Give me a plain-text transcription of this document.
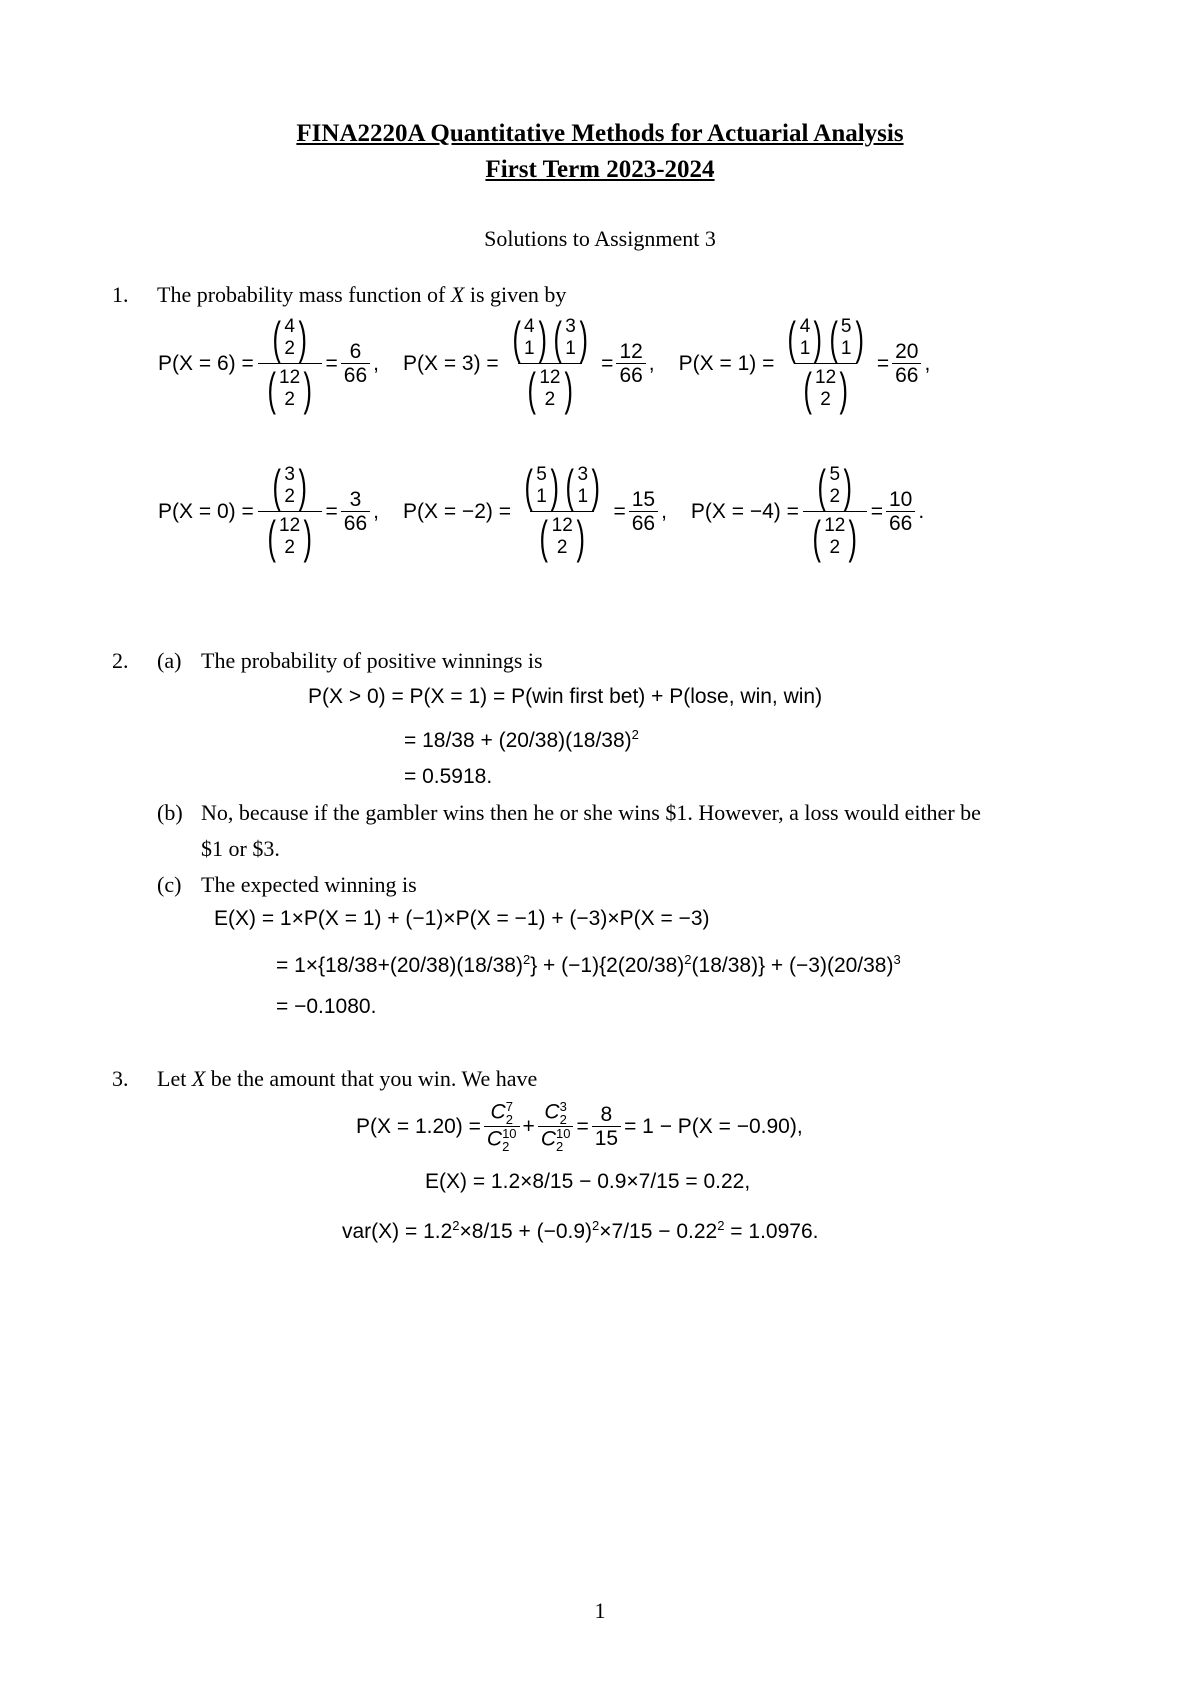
FINA2220A Quantitative Methods for Actuarial Analysis
First Term 2023-2024
Solutions to Assignment 3
1. The probability mass function of X is given by
P(X = 6) = ( 4
2 )
( 12
2 ) = $\frac{6}{66}$ , P(X = 3) = ( 4
1 ) ( 3
1 )
( 12
2 ) = $\frac{12}{66}$ , P(X = 1) = ( 4
1 ) ( 5
1 )
( 12
2 ) = $\frac{20}{66}$ ,
P(X = 0) = ( 3
2 )
( 12
2 ) = $\frac{3}{66}$ , P(X = −2) = ( 5
1 ) ( 3
1 )
( 12
2 ) = $\frac{15}{66}$ , P(X = −4) = ( 5
2 )
( 12
2 ) = $\frac{10}{66}$ .
2. (a) The probability of positive winnings is
P(X > 0) = P(X = 1) = P(win first bet) + P(lose, win, win)
= $18/38 + (20/38)(18/38)^2$
= 0.5918.
(b) No, because if the gambler wins then he or she wins $1. However, a loss would either be
$1 or $3.
(c) The expected winning is
E(X) = 1×P(X = 1) + (−1)×P(X = −1) + (−3)×P(X = −3)
= $1\times\{18/38+(20/38)(18/38)^2\} + (-1)\{2(20/38)^2(18/38)\} + (-3)(20/38)^3$
= −0.1080.
3. Let X be the amount that you win. We have
P(X = 1.20) = C 7
2
C 10
2 + C 3
2
C 10
$2 = \frac{8}{15} = 1 - P(X = -0.90)$,
E(X) = 1.2×8/15 − 0.9×7/15 = 0.22,
$var(X) = 1.2^2\times 8/15 + (-0.9)^2\times 7/15 - 0.22^2 = 1.0976$.
1
